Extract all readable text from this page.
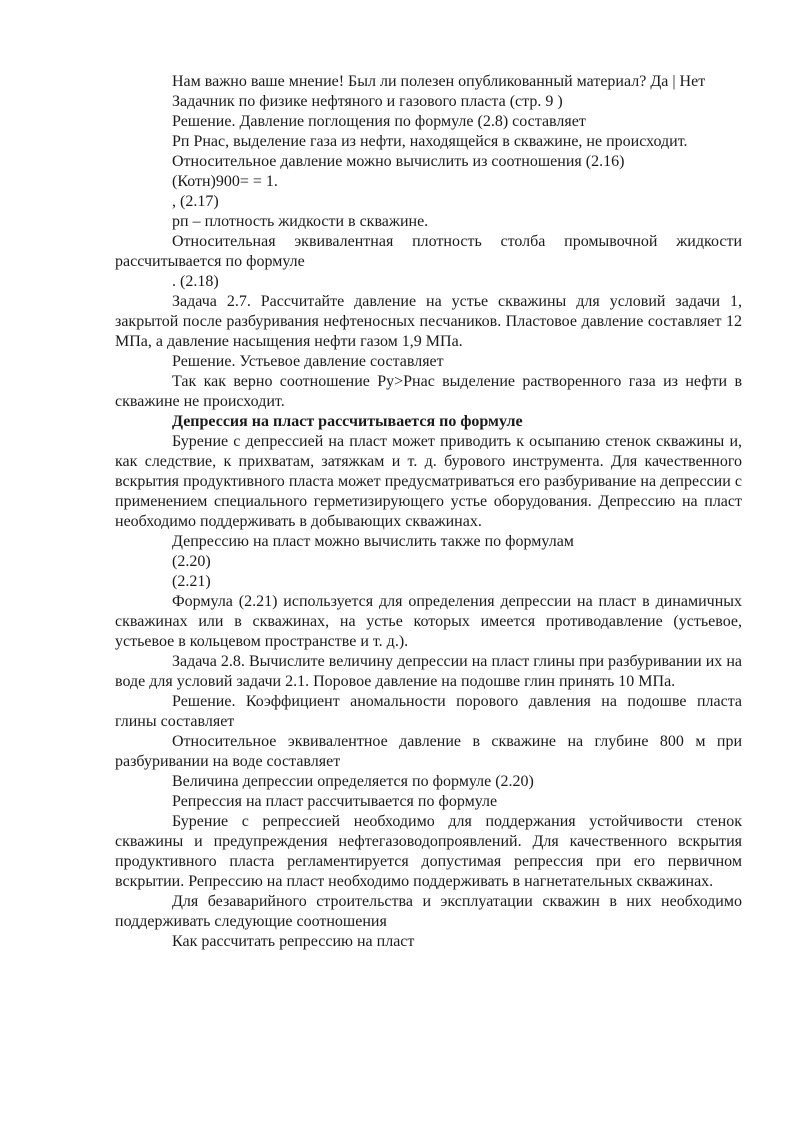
Нам важно ваше мнение! Был ли полезен опубликованный материал? Да | Нет

Задачник по физике нефтяного и газового пласта (стр. 9 )

Решение. Давление поглощения по формуле (2.8) составляет

Рп Рнас, выделение газа из нефти, находящейся в скважине, не происходит.

Относительное давление можно вычислить из соотношения (2.16)

(Котн)900= = 1.

, (2.17)

рп – плотность жидкости в скважине.

Относительная эквивалентная плотность столба промывочной жидкости рассчитывается по формуле

. (2.18)

Задача 2.7. Рассчитайте давление на устье скважины для условий задачи 1, закрытой после разбуривания нефтеносных песчаников. Пластовое давление составляет 12 МПа, а давление насыщения нефти газом 1,9 МПа.

Решение. Устьевое давление составляет

Так как верно соотношение Ру>Рнас выделение растворенного газа из нефти в скважине не происходит.

Депрессия на пласт рассчитывается по формуле

Бурение с депрессией на пласт может приводить к осыпанию стенок скважины и, как следствие, к прихватам, затяжкам и т. д. бурового инструмента. Для качественного вскрытия продуктивного пласта может предусматриваться его разбуривание на депрессии с применением специального герметизирующего устье оборудования. Депрессию на пласт необходимо поддерживать в добывающих скважинах.

Депрессию на пласт можно вычислить также по формулам

(2.20)

(2.21)

Формула (2.21) используется для определения депрессии на пласт в динамичных скважинах или в скважинах, на устье которых имеется противодавление (устьевое, устьевое в кольцевом пространстве и т. д.).

Задача 2.8. Вычислите величину депрессии на пласт глины при разбуривании их на воде для условий задачи 2.1. Поровое давление на подошве глин принять 10 МПа.

Решение. Коэффициент аномальности порового давления на подошве пласта глины составляет

Относительное эквивалентное давление в скважине на глубине 800 м при разбуривании на воде составляет

Величина депрессии определяется по формуле (2.20)

Репрессия на пласт рассчитывается по формуле

Бурение с репрессией необходимо для поддержания устойчивости стенок скважины и предупреждения нефтегазоводопроявлений. Для качественного вскрытия продуктивного пласта регламентируется допустимая репрессия при его первичном вскрытии. Репрессию на пласт необходимо поддерживать в нагнетательных скважинах.

Для безаварийного строительства и эксплуатации скважин в них необходимо поддерживать следующие соотношения

Как рассчитать репрессию на пласт
